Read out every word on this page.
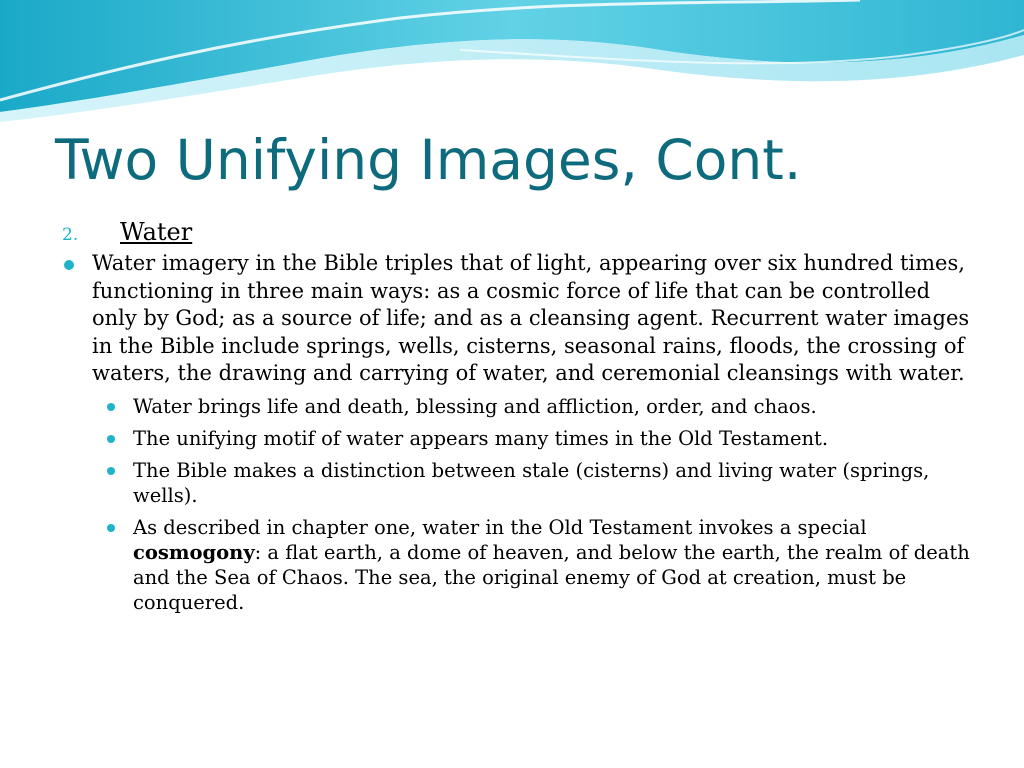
Two Unifying Images, Cont.
2.	Water
Water imagery in the Bible triples that of light, appearing over six hundred times, functioning in three main ways: as a cosmic force of life that can be controlled only by God; as a source of life; and as a cleansing agent. Recurrent water images in the Bible include springs, wells, cisterns, seasonal rains, floods, the crossing of waters, the drawing and carrying of water, and ceremonial cleansings with water.
Water brings life and death, blessing and affliction, order, and chaos.
The unifying motif of water appears many times in the Old Testament.
The Bible makes a distinction between stale (cisterns) and living water (springs, wells).
As described in chapter one, water in the Old Testament invokes a special cosmogony: a flat earth, a dome of heaven, and below the earth, the realm of death and the Sea of Chaos. The sea, the original enemy of God at creation, must be conquered.
